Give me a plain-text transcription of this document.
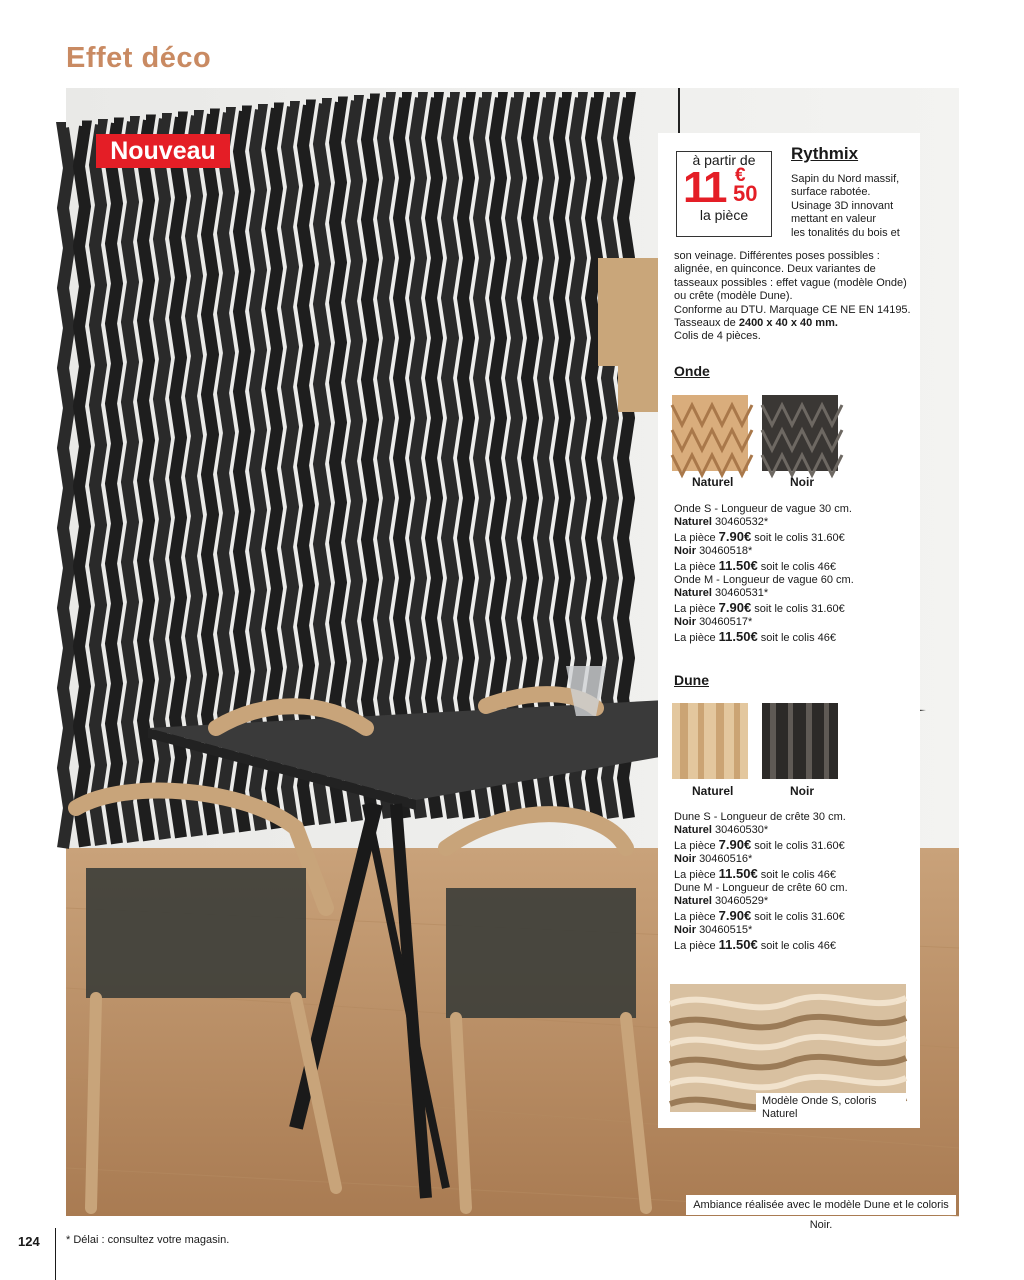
Effet déco
Nouveau	à partir de
11 €
50
la pièce
Rythmix
Sapin du Nord massif,
surface rabotée.
Usinage 3D innovant
mettant en valeur
les tonalités du bois et
son veinage. Différentes poses possibles :
alignée, en quinconce. Deux variantes de
tasseaux possibles : effet vague (modèle Onde)
ou crête (modèle Dune).
Conforme au DTU. Marquage CE NE EN 14195.
Tasseaux de 2400 x 40 x 40 mm.
Colis de 4 pièces.
Onde
Naturel	Noir
Onde S - Longueur de vague 30 cm.
Naturel 30460532*
La pièce 7.90€ soit le colis 31.60€
Noir 30460518*
La pièce 11.50€ soit le colis 46€
Onde M - Longueur de vague 60 cm.
Naturel 30460531*
La pièce 7.90€ soit le colis 31.60€
Noir 30460517*
La pièce 11.50€ soit le colis 46€
Dune
Naturel	Noir
Dune S - Longueur de crête 30 cm.
Naturel 30460530*
La pièce 7.90€ soit le colis 31.60€
Noir 30460516*
La pièce 11.50€ soit le colis 46€
Dune M - Longueur de crête 60 cm.
Naturel 30460529*
La pièce 7.90€ soit le colis 31.60€
Noir 30460515*
La pièce 11.50€ soit le colis 46€
Modèle Onde S, coloris Naturel
Ambiance réalisée avec le modèle Dune et le coloris Noir.
124 * Délai : consultez votre magasin.
